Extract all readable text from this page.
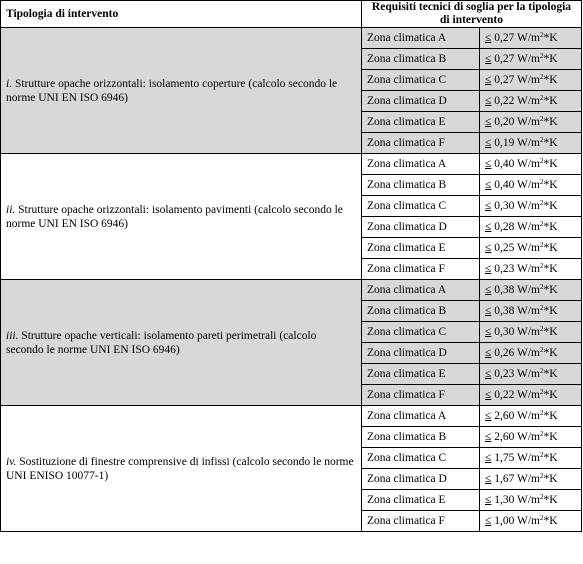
Tipologia di intervento	Requisiti tecnici di soglia per la tipologia di intervento	
i. Strutture opache orizzontali: isolamento coperture (calcolo secondo le norme UNI EN ISO 6946)	Zona climatica A	≤ 0,27 $W/m^2*K$
	Zona climatica B	≤ 0,27 $W/m^2*K$
	Zona climatica C	≤ 0,27 $W/m^2*K$
	Zona climatica D	≤ 0,22 $W/m^2*K$
	Zona climatica E	≤ 0,20 $W/m^2*K$
	Zona climatica F	≤ 0,19 $W/m^2*K$
ii. Strutture opache orizzontali: isolamento pavimenti (calcolo secondo le norme UNI EN ISO 6946)	Zona climatica A	≤ 0,40 $W/m^2*K$
	Zona climatica B	≤ 0,40 $W/m^2*K$
	Zona climatica C	≤ 0,30 $W/m^2*K$
	Zona climatica D	≤ 0,28 $W/m^2*K$
	Zona climatica E	≤ 0,25 $W/m^2*K$
	Zona climatica F	≤ 0,23 $W/m^2*K$
iii. Strutture opache verticali: isolamento pareti perimetrali (calcolo secondo le norme UNI EN ISO 6946)	Zona climatica A	≤ 0,38 $W/m^2*K$
	Zona climatica B	≤ 0,38 $W/m^2*K$
	Zona climatica C	≤ 0,30 $W/m^2*K$
	Zona climatica D	≤ 0,26 $W/m^2*K$
	Zona climatica E	≤ 0,23 $W/m^2*K$
	Zona climatica F	≤ 0,22 $W/m^2*K$
iv. Sostituzione di finestre comprensive di infissi (calcolo secondo le norme UNI ENISO 10077-1)	Zona climatica A	≤ 2,60 $W/m^2*K$
	Zona climatica B	≤ 2,60 $W/m^2*K$
	Zona climatica C	≤ 1,75 $W/m^2*K$
	Zona climatica D	≤ 1,67 $W/m^2*K$
	Zona climatica E	≤ 1,30 $W/m^2*K$
	Zona climatica F	≤ 1,00 $W/m^2*K$
